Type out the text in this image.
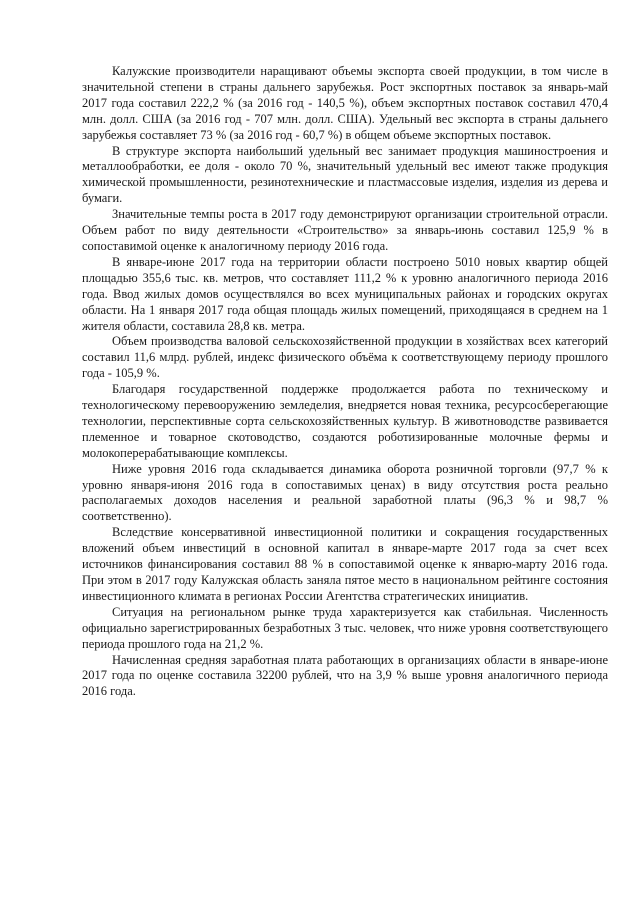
Калужские производители наращивают объемы экспорта своей продукции, в том числе в значительной степени в страны дальнего зарубежья. Рост экспортных поставок за январь-май 2017 года составил 222,2 % (за 2016 год - 140,5 %), объем экспортных поставок составил 470,4 млн. долл. США (за 2016 год - 707 млн. долл. США). Удельный вес экспорта в страны дальнего зарубежья составляет 73 % (за 2016 год - 60,7 %) в общем объеме экспортных поставок.

В структуре экспорта наибольший удельный вес занимает продукция машиностроения и металлообработки, ее доля - около 70 %, значительный удельный вес имеют также продукция химической промышленности, резинотехнические и пластмассовые изделия, изделия из дерева и бумаги.

Значительные темпы роста в 2017 году демонстрируют организации строительной отрасли. Объем работ по виду деятельности «Строительство» за январь-июнь составил 125,9 % в сопоставимой оценке к аналогичному периоду 2016 года.

В январе-июне 2017 года на территории области построено 5010 новых квартир общей площадью 355,6 тыс. кв. метров, что составляет 111,2 % к уровню аналогичного периода 2016 года. Ввод жилых домов осуществлялся во всех муниципальных районах и городских округах области. На 1 января 2017 года общая площадь жилых помещений, приходящаяся в среднем на 1 жителя области, составила 28,8 кв. метра.

Объем производства валовой сельскохозяйственной продукции в хозяйствах всех категорий составил 11,6 млрд. рублей, индекс физического объёма к соответствующему периоду прошлого года - 105,9 %.

Благодаря государственной поддержке продолжается работа по техническому и технологическому перевооружению земледелия, внедряется новая техника, ресурсосберегающие технологии, перспективные сорта сельскохозяйственных культур. В животноводстве развивается племенное и товарное скотоводство, создаются роботизированные молочные фермы и молокоперерабатывающие комплексы.

Ниже уровня 2016 года складывается динамика оборота розничной торговли (97,7 % к уровню января-июня 2016 года в сопоставимых ценах) в виду отсутствия роста реально располагаемых доходов населения и реальной заработной платы (96,3 % и 98,7 % соответственно).

Вследствие консервативной инвестиционной политики и сокращения государственных вложений объем инвестиций в основной капитал в январе-марте 2017 года за счет всех источников финансирования составил 88 % в сопоставимой оценке к январю-марту 2016 года. При этом в 2017 году Калужская область заняла пятое место в национальном рейтинге состояния инвестиционного климата в регионах России Агентства стратегических инициатив.

Ситуация на региональном рынке труда характеризуется как стабильная. Численность официально зарегистрированных безработных 3 тыс. человек, что ниже уровня соответствующего периода прошлого года на 21,2 %.

Начисленная средняя заработная плата работающих в организациях области в январе-июне 2017 года по оценке составила 32200 рублей, что на 3,9 % выше уровня аналогичного периода 2016 года.
